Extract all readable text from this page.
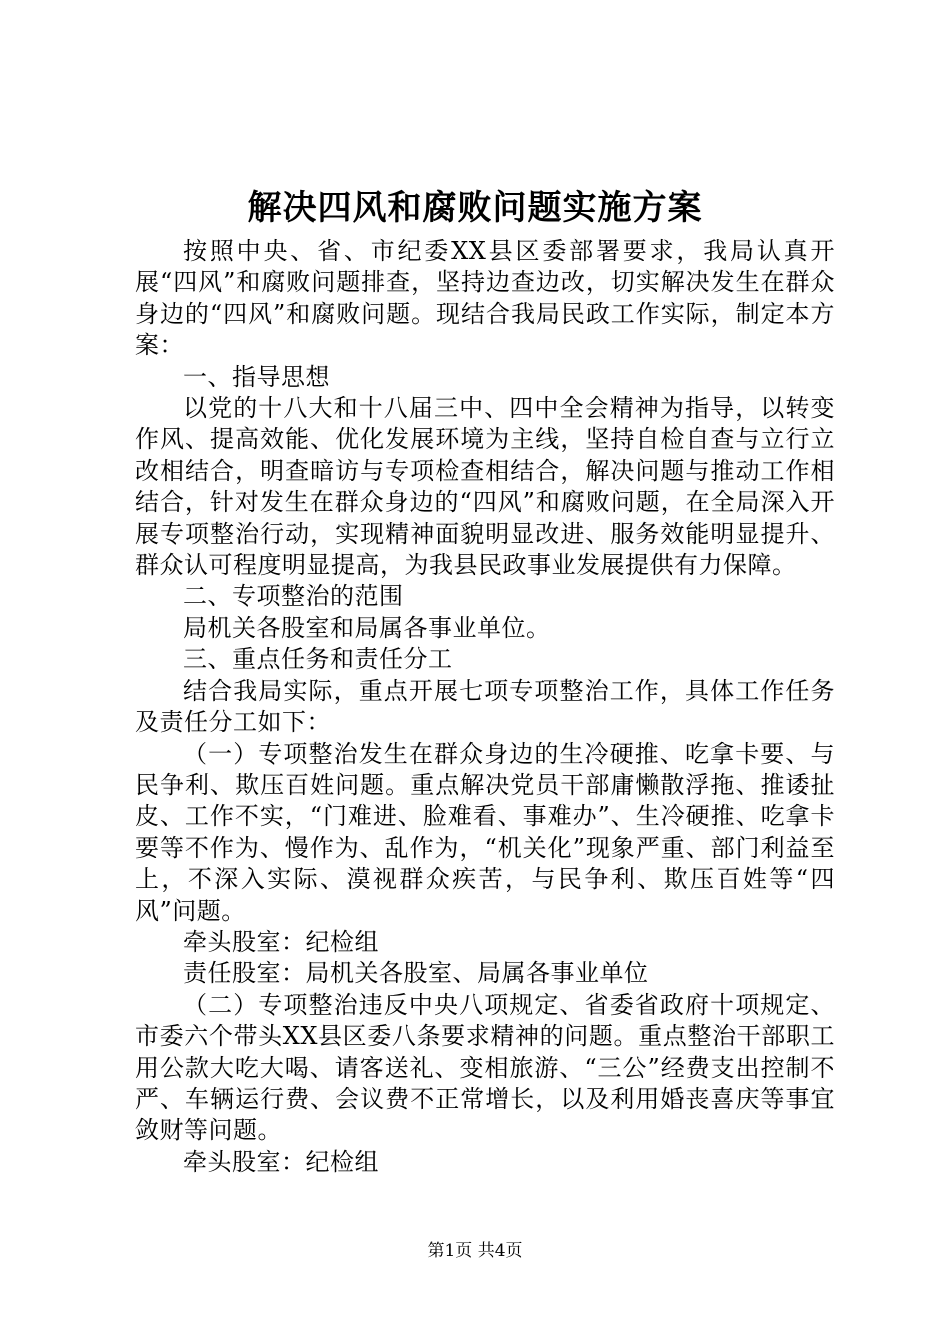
解决四风和腐败问题实施方案

按照中央、省、市纪委XX县区委部署要求，我局认真开展“四风”和腐败问题排查，坚持边查边改，切实解决发生在群众身边的“四风”和腐败问题。现结合我局民政工作实际，制定本方案：

一、指导思想

以党的十八大和十八届三中、四中全会精神为指导，以转变作风、提高效能、优化发展环境为主线，坚持自检自查与立行立改相结合，明查暗访与专项检查相结合，解决问题与推动工作相结合，针对发生在群众身边的“四风”和腐败问题，在全局深入开展专项整治行动，实现精神面貌明显改进、服务效能明显提升、群众认可程度明显提高，为我县民政事业发展提供有力保障。

二、专项整治的范围

局机关各股室和局属各事业单位。

三、重点任务和责任分工

结合我局实际，重点开展七项专项整治工作，具体工作任务及责任分工如下：

（一）专项整治发生在群众身边的生冷硬推、吃拿卡要、与民争利、欺压百姓问题。重点解决党员干部庸懒散浮拖、推诿扯皮、工作不实，“门难进、脸难看、事难办”、生冷硬推、吃拿卡要等不作为、慢作为、乱作为，“机关化”现象严重、部门利益至上，不深入实际、漠视群众疾苦，与民争利、欺压百姓等“四风”问题。

牵头股室：纪检组

责任股室：局机关各股室、局属各事业单位

（二）专项整治违反中央八项规定、省委省政府十项规定、市委六个带头XX县区委八条要求精神的问题。重点整治干部职工用公款大吃大喝、请客送礼、变相旅游、“三公”经费支出控制不严、车辆运行费、会议费不正常增长，以及利用婚丧喜庆等事宜敛财等问题。

牵头股室：纪检组

第1页 共4页
